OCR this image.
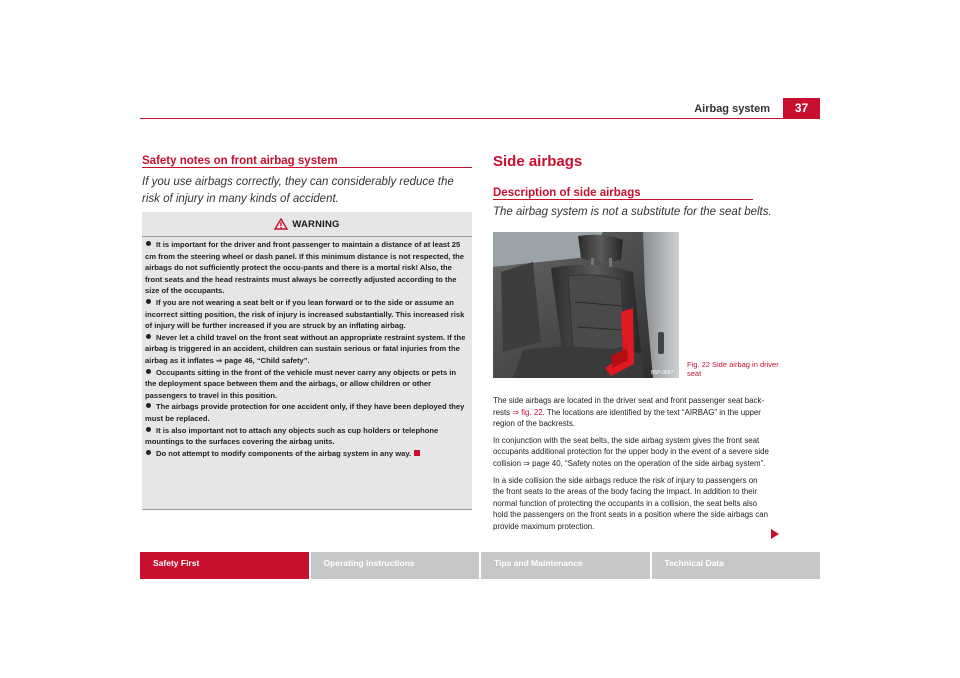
Airbag system	37
Safety notes on front airbag system
If you use airbags correctly, they can considerably reduce the risk of injury in many kinds of accident.
WARNING

It is important for the driver and front passenger to maintain a distance of at least 25 cm from the steering wheel or dash panel. If this minimum distance is not respected, the airbags do not sufficiently protect the occu-pants and there is a mortal risk! Also, the front seats and the head restraints must always be correctly adjusted according to the size of the occupants.

If you are not wearing a seat belt or if you lean forward or to the side or assume an incorrect sitting position, the risk of injury is increased substantially. This increased risk of injury will be further increased if you are struck by an inflating airbag.

Never let a child travel on the front seat without an appropriate restraint system. If the airbag is triggered in an accident, children can sustain serious or fatal injuries from the airbag as it inflates ⇒ page 46, “Child safety”.

Occupants sitting in the front of the vehicle must never carry any objects or pets in the deployment space between them and the airbags, or allow children or other passengers to travel in this position.

The airbags provide protection for one accident only, if they have been deployed they must be replaced.

It is also important not to attach any objects such as cup holders or telephone mountings to the surfaces covering the airbag units.

Do not attempt to modify components of the airbag system in any way.

Side airbags
Description of side airbags
The airbag system is not a substitute for the seat belts.
B5P-0057
Fig. 22 Side airbag in driver seat

The side airbags are located in the driver seat and front passenger seat back-rests ⇒ fig. 22. The locations are identified by the text “AIRBAG” in the upper region of the backrests.

In conjunction with the seat belts, the side airbag system gives the front seat occupants additional protection for the upper body in the event of a severe side collision ⇒ page 40, “Safety notes on the operation of the side airbag system”.

In a side collision the side airbags reduce the risk of injury to passengers on the front seats to the areas of the body facing the impact. In addition to their normal function of protecting the occupants in a collision, the seat belts also hold the passengers on the front seats in a position where the side airbags can provide maximum protection.

Safety First	Operating instructions	Tips and Maintenance	Technical Data
